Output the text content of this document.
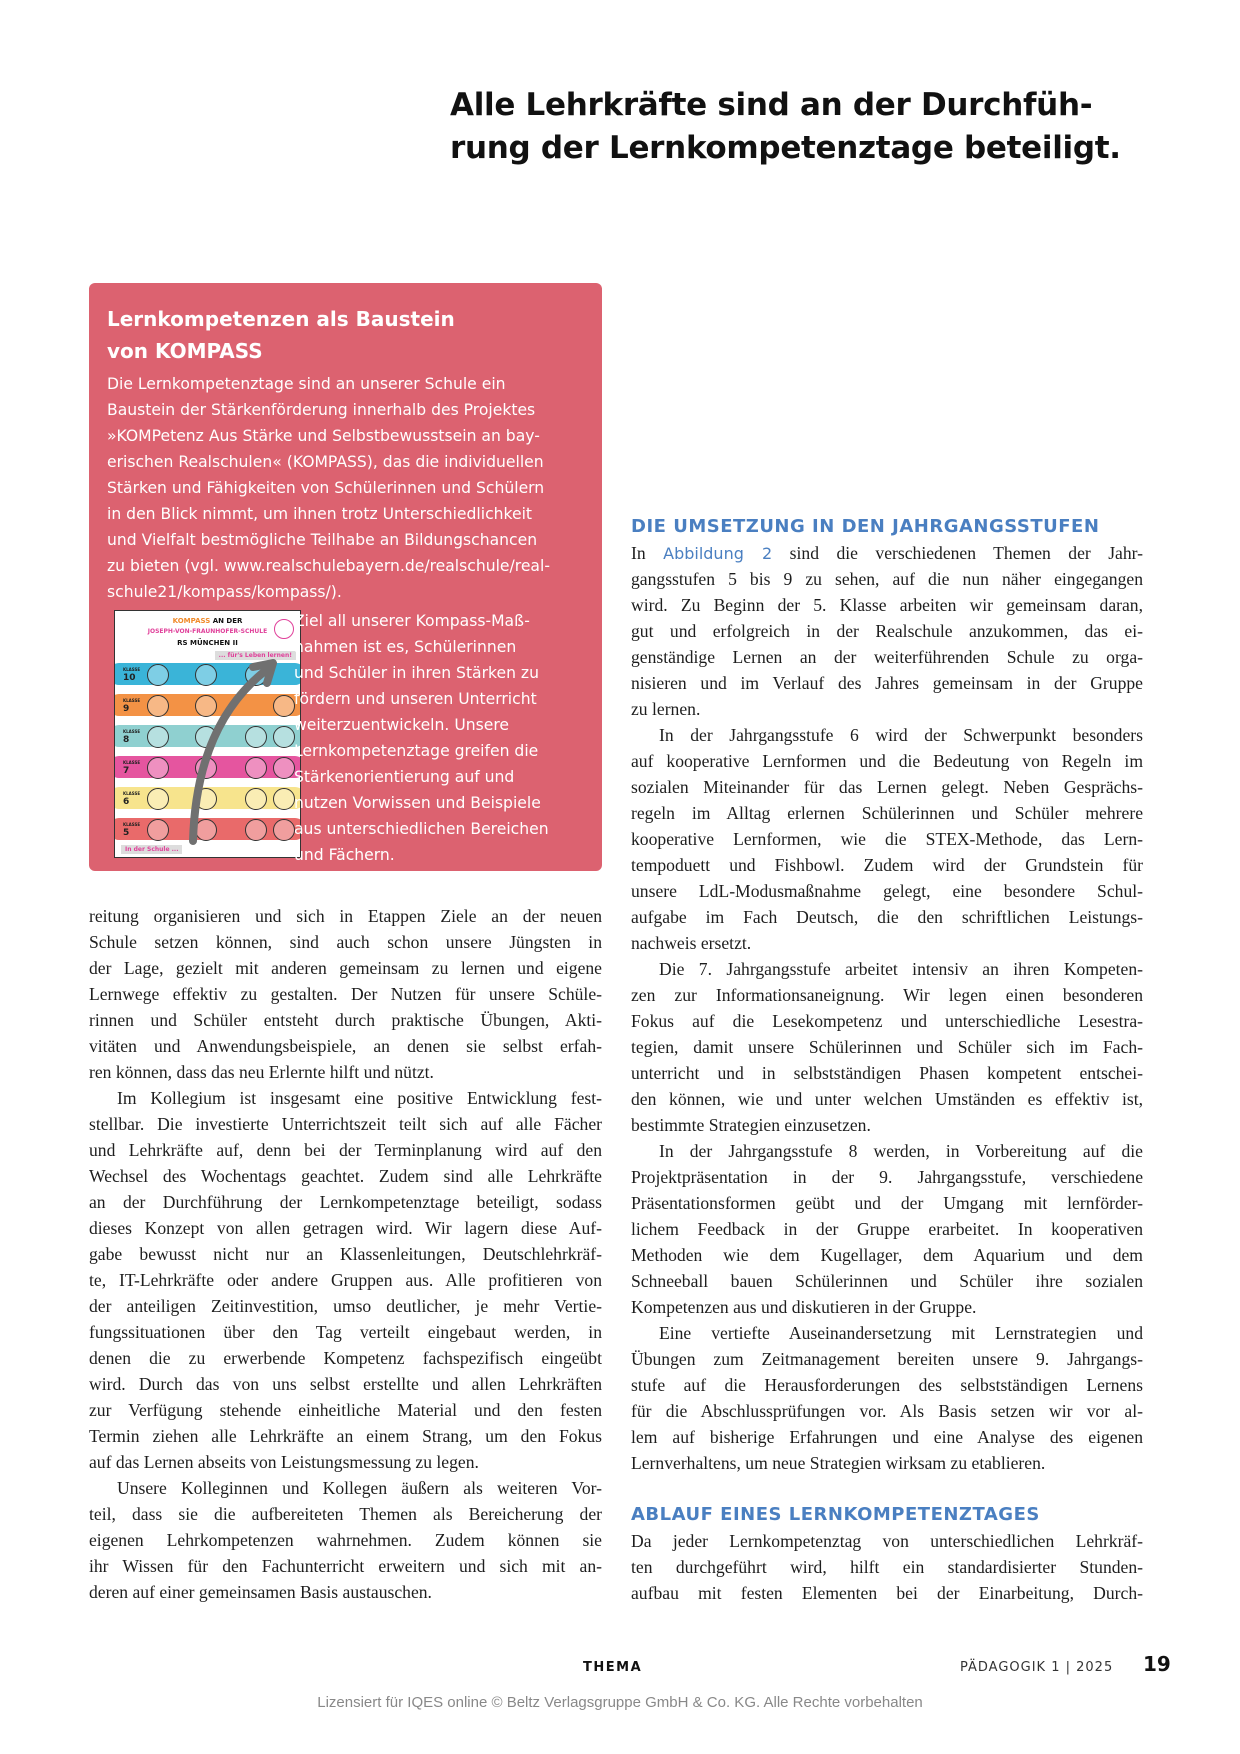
Alle Lehrkräfte sind an der Durchfüh-
rung der Lernkompetenztage beteiligt.
Lernkompetenzen als Baustein
von KOMPASS
Die Lernkompetenztage sind an unserer Schule ein
Baustein der Stärkenförderung innerhalb des Projektes
»KOMPetenz Aus Stärke und Selbstbewusstsein an bay-
erischen Realschulen« (KOMPASS), das die individuellen
Stärken und Fähigkeiten von Schülerinnen und Schülern
in den Blick nimmt, um ihnen trotz Unterschiedlichkeit
und Vielfalt bestmögliche Teilhabe an Bildungschancen
zu bieten (vgl. www.realschulebayern.de/realschule/real-
schule21/kompass/kompass/).
KOMPASS AN DER
JOSEPH-VON-FRAUNHOFER-SCHULE
RS MÜNCHEN II
... für's Leben lernen!
In der Schule ...
KLASSE
10
KLASSE
9
KLASSE
8
KLASSE
7
KLASSE
6
KLASSE
5
Ziel all unserer Kompass-Maß-
nahmen ist es, Schülerinnen
und Schüler in ihren Stärken zu
fördern und unseren Unterricht
weiterzuentwickeln. Unsere
Lernkompetenztage greifen die
Stärkenorientierung auf und
nutzen Vorwissen und Beispiele
aus unterschiedlichen Bereichen
und Fächern.

reitung organisieren und sich in Etappen Ziele an der neuen
Schule setzen können, sind auch schon unsere Jüngsten in
der Lage, gezielt mit anderen gemeinsam zu lernen und eigene
Lernwege effektiv zu gestalten. Der Nutzen für unsere Schüle-
rinnen und Schüler entsteht durch praktische Übungen, Akti-
vitäten und Anwendungsbeispiele, an denen sie selbst erfah-
ren können, dass das neu Erlernte hilft und nützt.

Im Kollegium ist insgesamt eine positive Entwicklung fest-
stellbar. Die investierte Unterrichtszeit teilt sich auf alle Fächer
und Lehrkräfte auf, denn bei der Terminplanung wird auf den
Wechsel des Wochentags geachtet. Zudem sind alle Lehrkräfte
an der Durchführung der Lernkompetenztage beteiligt, sodass
dieses Konzept von allen getragen wird. Wir lagern diese Auf-
gabe bewusst nicht nur an Klassenleitungen, Deutschlehrkräf-
te, IT-Lehrkräfte oder andere Gruppen aus. Alle profitieren von
der anteiligen Zeitinvestition, umso deutlicher, je mehr Vertie-
fungssituationen über den Tag verteilt eingebaut werden, in
denen die zu erwerbende Kompetenz fachspezifisch eingeübt
wird. Durch das von uns selbst erstellte und allen Lehrkräften
zur Verfügung stehende einheitliche Material und den festen
Termin ziehen alle Lehrkräfte an einem Strang, um den Fokus
auf das Lernen abseits von Leistungsmessung zu legen.

Unsere Kolleginnen und Kollegen äußern als weiteren Vor-
teil, dass sie die aufbereiteten Themen als Bereicherung der
eigenen Lehrkompetenzen wahrnehmen. Zudem können sie
ihr Wissen für den Fachunterricht erweitern und sich mit an-
deren auf einer gemeinsamen Basis austauschen.

DIE UMSETZUNG IN DEN JAHRGANGSSTUFEN

In Abbildung 2 sind die verschiedenen Themen der Jahr-
gangsstufen 5 bis 9 zu sehen, auf die nun näher eingegangen
wird. Zu Beginn der 5. Klasse arbeiten wir gemeinsam daran,
gut und erfolgreich in der Realschule anzukommen, das ei-
genständige Lernen an der weiterführenden Schule zu orga-
nisieren und im Verlauf des Jahres gemeinsam in der Gruppe
zu lernen.

In der Jahrgangsstufe 6 wird der Schwerpunkt besonders
auf kooperative Lernformen und die Bedeutung von Regeln im
sozialen Miteinander für das Lernen gelegt. Neben Gesprächs-
regeln im Alltag erlernen Schülerinnen und Schüler mehrere
kooperative Lernformen, wie die STEX-Methode, das Lern-
tempoduett und Fishbowl. Zudem wird der Grundstein für
unsere LdL-Modusmaßnahme gelegt, eine besondere Schul-
aufgabe im Fach Deutsch, die den schriftlichen Leistungs-
nachweis ersetzt.

Die 7. Jahrgangsstufe arbeitet intensiv an ihren Kompeten-
zen zur Informationsaneignung. Wir legen einen besonderen
Fokus auf die Lesekompetenz und unterschiedliche Lesestra-
tegien, damit unsere Schülerinnen und Schüler sich im Fach-
unterricht und in selbstständigen Phasen kompetent entschei-
den können, wie und unter welchen Umständen es effektiv ist,
bestimmte Strategien einzusetzen.

In der Jahrgangsstufe 8 werden, in Vorbereitung auf die
Projektpräsentation in der 9. Jahrgangsstufe, verschiedene
Präsentationsformen geübt und der Umgang mit lernförder-
lichem Feedback in der Gruppe erarbeitet. In kooperativen
Methoden wie dem Kugellager, dem Aquarium und dem
Schneeball bauen Schülerinnen und Schüler ihre sozialen
Kompetenzen aus und diskutieren in der Gruppe.

Eine vertiefte Auseinandersetzung mit Lernstrategien und
Übungen zum Zeitmanagement bereiten unsere 9. Jahrgangs-
stufe auf die Herausforderungen des selbstständigen Lernens
für die Abschlussprüfungen vor. Als Basis setzen wir vor al-
lem auf bisherige Erfahrungen und eine Analyse des eigenen
Lernverhaltens, um neue Strategien wirksam zu etablieren.

ABLAUF EINES LERNKOMPETENZTAGES

Da jeder Lernkompetenztag von unterschiedlichen Lehrkräf-
ten durchgeführt wird, hilft ein standardisierter Stunden-
aufbau mit festen Elementen bei der Einarbeitung, Durch-

THEMA	PÄDAGOGIK 1 | 2025 19
Lizensiert für IQES online © Beltz Verlagsgruppe GmbH & Co. KG. Alle Rechte vorbehalten
